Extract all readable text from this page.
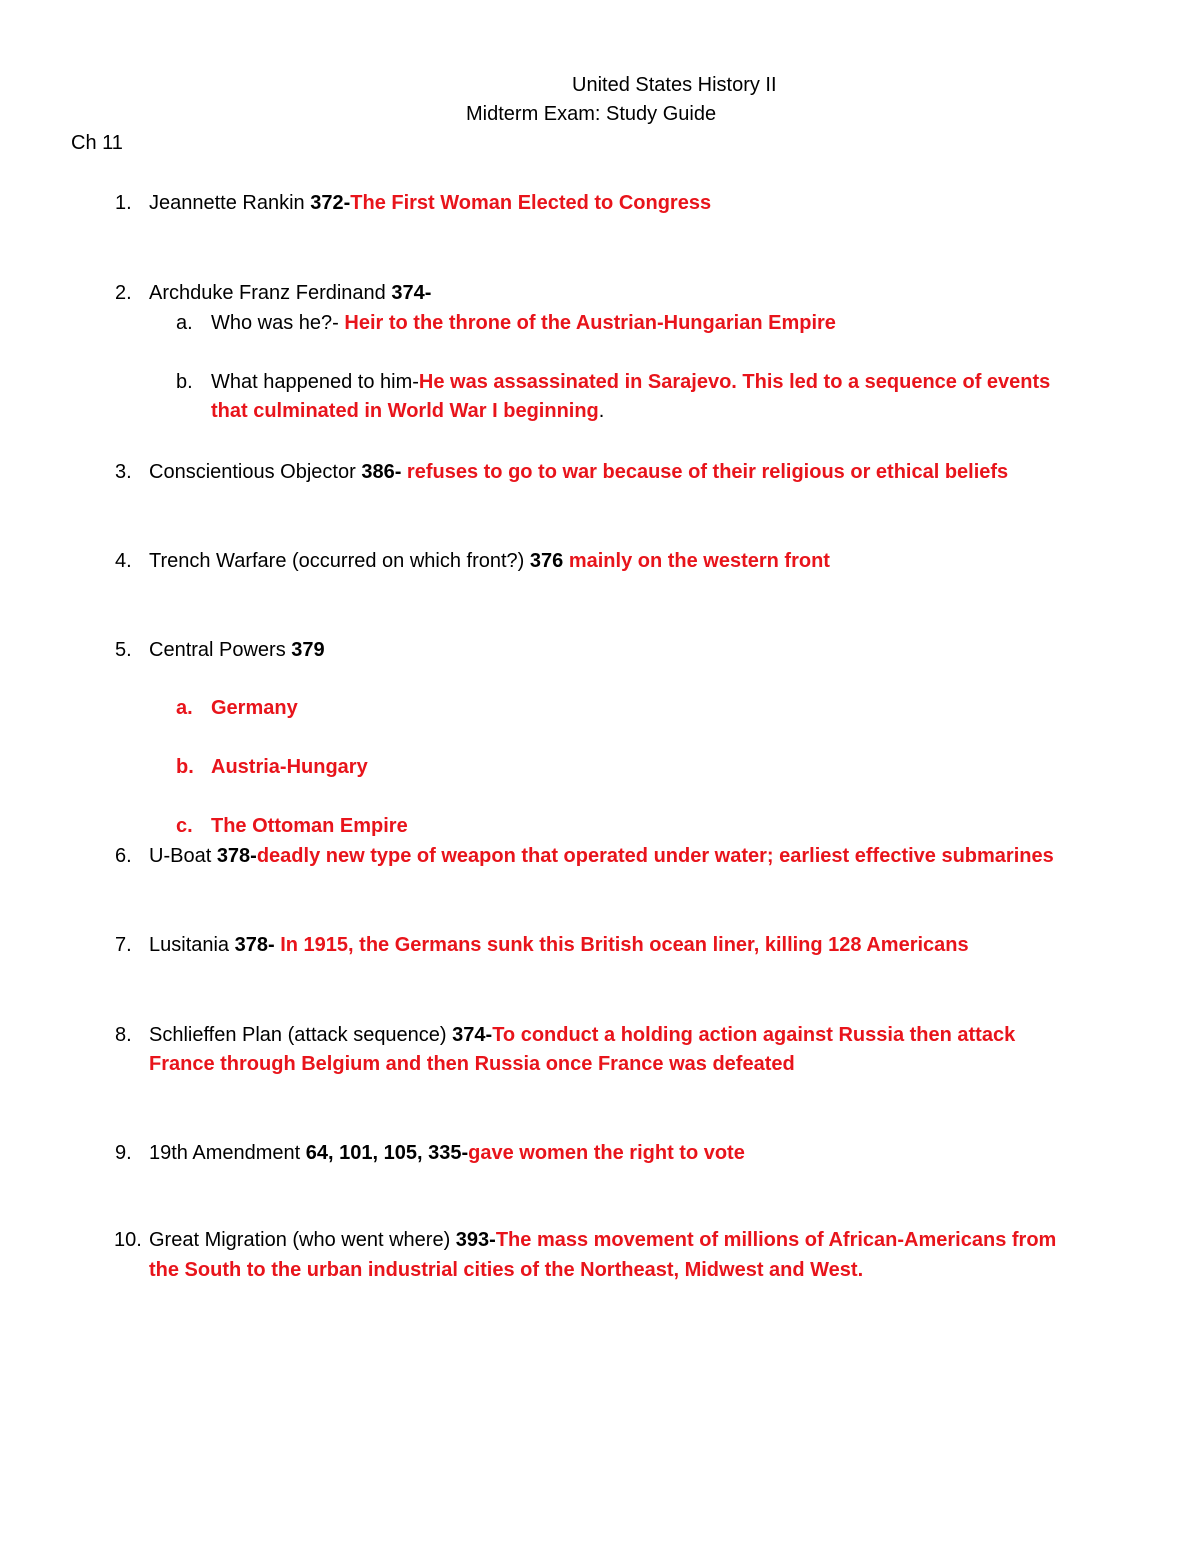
United States History II
Midterm Exam: Study Guide
Ch 11
1. Jeannette Rankin 372-The First Woman Elected to Congress
2. Archduke Franz Ferdinand 374-
a. Who was he?- Heir to the throne of the Austrian-Hungarian Empire
b. What happened to him-He was assassinated in Sarajevo. This led to a sequence of events
that culminated in World War I beginning.
3. Conscientious Objector 386- refuses to go to war because of their religious or ethical beliefs
4. Trench Warfare (occurred on which front?) 376 mainly on the western front
5. Central Powers 379
a. Germany
b. Austria-Hungary
c. The Ottoman Empire
6. U-Boat 378-deadly new type of weapon that operated under water; earliest effective submarines
7. Lusitania 378- In 1915, the Germans sunk this British ocean liner, killing 128 Americans
8. Schlieffen Plan (attack sequence) 374-To conduct a holding action against Russia then attack
France through Belgium and then Russia once France was defeated
9. 19th Amendment 64, 101, 105, 335-gave women the right to vote
10. Great Migration (who went where) 393-The mass movement of millions of African-Americans from
the South to the urban industrial cities of the Northeast, Midwest and West.
